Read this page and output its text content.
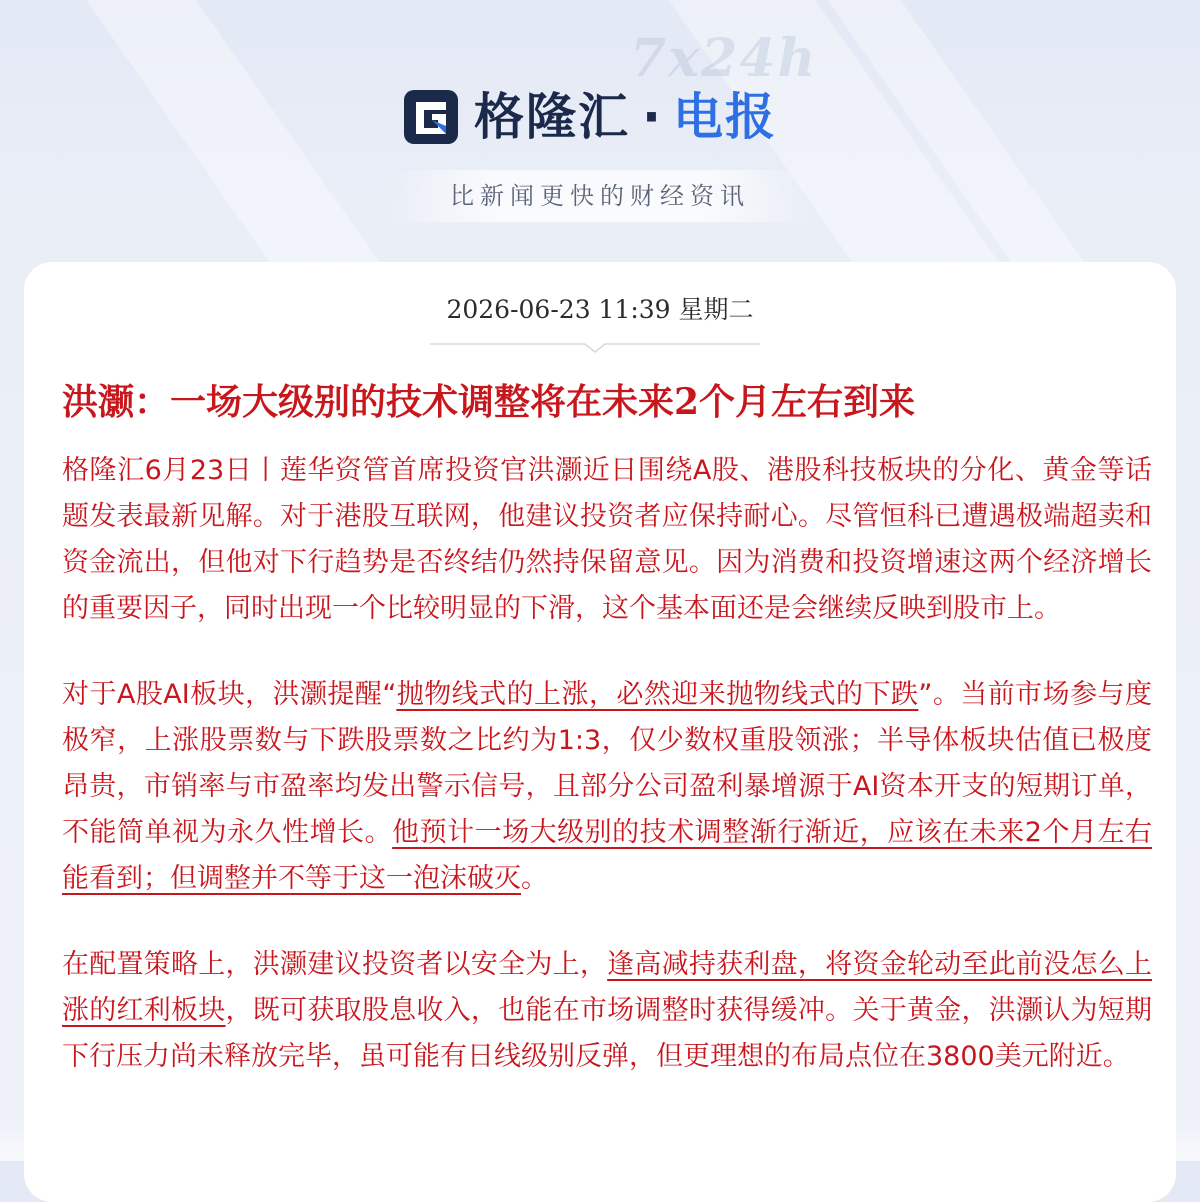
7x24h
格隆汇 · 电报
比新闻更快的财经资讯
2026-06-23 11:39 星期二
洪灏：一场大级别的技术调整将在未来2个月左右到来

格隆汇6月23日丨莲华资管首席投资官洪灏近日围绕A股、港股科技板块的分化、黄金等话题发表最新见解。对于港股互联网，他建议投资者应保持耐心。尽管恒科已遭遇极端超卖和资金流出，但他对下行趋势是否终结仍然持保留意见。因为消费和投资增速这两个经济增长的重要因子，同时出现一个比较明显的下滑，这个基本面还是会继续反映到股市上。

对于A股AI板块，洪灏提醒“抛物线式的上涨，必然迎来抛物线式的下跌”。当前市场参与度极窄，上涨股票数与下跌股票数之比约为1:3，仅少数权重股领涨；半导体板块估值已极度昂贵，市销率与市盈率均发出警示信号，且部分公司盈利暴增源于AI资本开支的短期订单，不能简单视为永久性增长。他预计一场大级别的技术调整渐行渐近，应该在未来2个月左右能看到；但调整并不等于这一泡沫破灭。

在配置策略上，洪灏建议投资者以安全为上，逢高减持获利盘，将资金轮动至此前没怎么上涨的红利板块，既可获取股息收入，也能在市场调整时获得缓冲。关于黄金，洪灏认为短期下行压力尚未释放完毕，虽可能有日线级别反弹，但更理想的布局点位在3800美元附近。
